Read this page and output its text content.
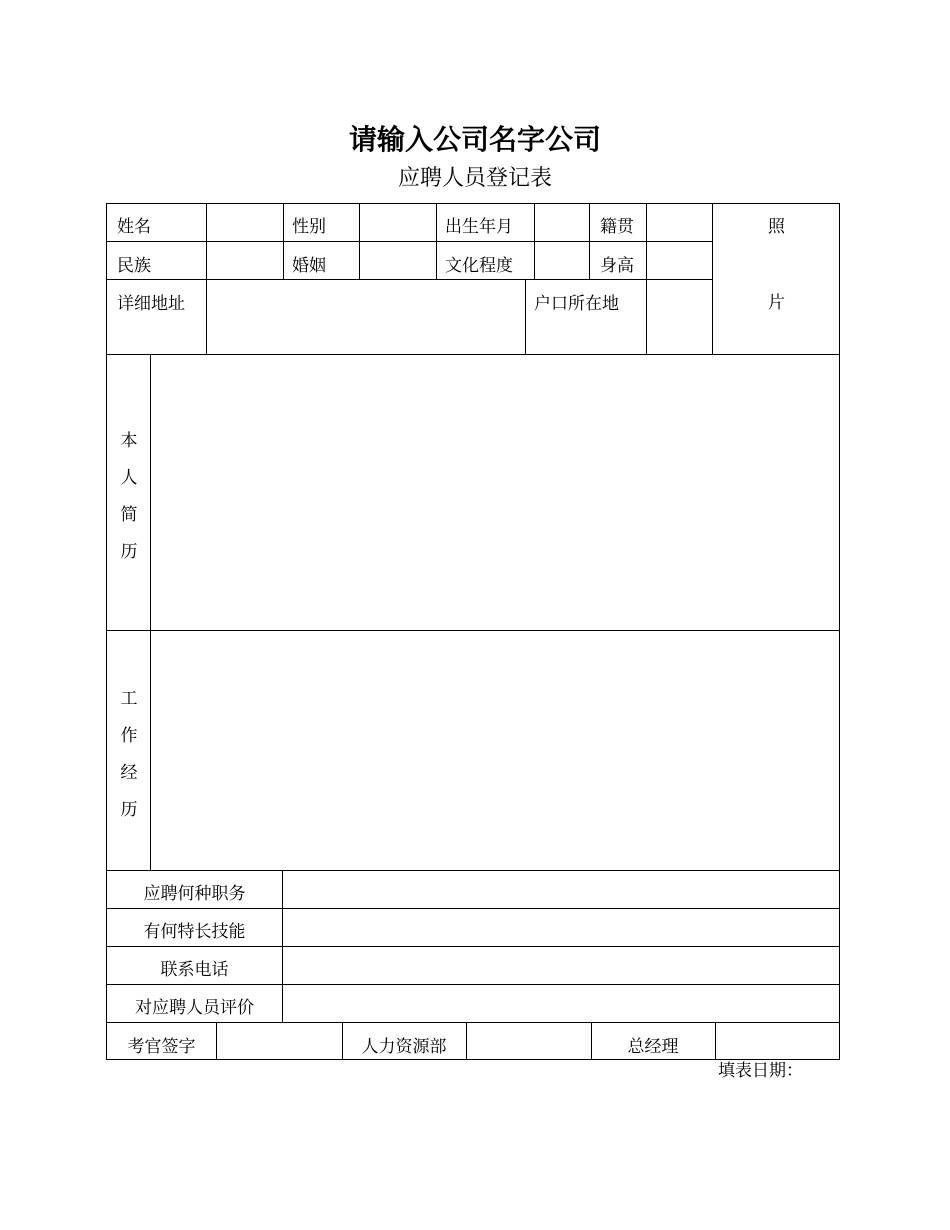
请输入公司名字公司
应聘人员登记表
姓名	性别	出生年月	籍贯	照
民族	婚姻	文化程度	身高
详细地址	户口所在地	片
本
人
简
历
工
作
经
历
应聘何种职务
有何特长技能
联系电话
对应聘人员评价
考官签字	人力资源部	总经理
填表日期：
